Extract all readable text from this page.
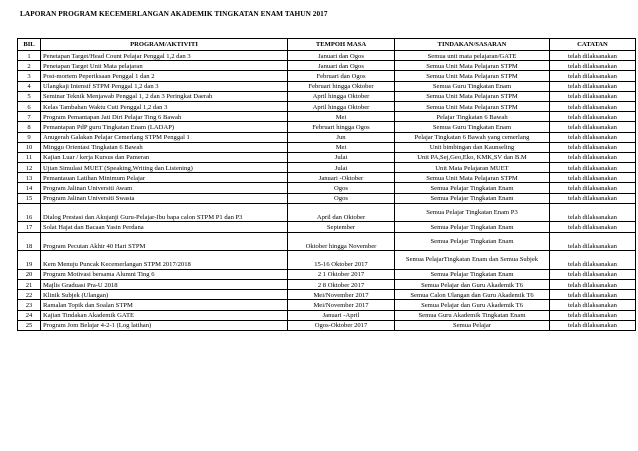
LAPORAN PROGRAM KECEMERLANGAN AKADEMIK TINGKATAN ENAM TAHUN 2017
BIL	PROGRAM/AKTIVITI	TEMPOH MASA	TINDAKAN/SASARAN	CATATAN
1	Penetapan Target/Head Count Pelajar Penggal 1,2 dan 3	Januari dan Ogos	Semua unit mata pelajaran/GATE	telah dilaksanakan
2	Penetapan Target Unit Mata pelajaran	Januari dan Ogos	Semua Unit Mata Pelajaran STPM	telah dilaksanakan
3	Post-mortem Peperiksaan Penggal 1 dan 2	Februari dan Ogos	Semua Unit Mata Pelajaran STPM	telah dilaksanakan
4	Ulangkaji Intensif STPM Penggal 1,2 dan 3	Februari hingga Oktober	Semua Guru Tingkatan Enam	telah dilaksanakan
5	Seminar Teknik Menjawab Penggal 1, 2 dan 3 Peringkat Daerah	April hingga Oktober	Semua Unit Mata Pelajaran STPM	telah dilaksanakan
6	Kelas Tambahan Waktu Cuti Penggal 1,2 dan 3	April hingga Oktober	Semua Unit Mata Pelajaran STPM	telah dilaksanakan
7	Program Pemantapan Jati Diri Pelajar Ting 6 Bawah	Mei	Pelajar Tingkatan 6 Bawah	telah dilaksanakan
8	Pemantapan PdP guru Tingkatan Enam (LADAP)	Februari hingga Ogos	Semua Guru Tingkatan Enam	telah dilaksanakan
9	Anugerah Galakan Pelajar Cemerlang STPM Penggal 1	Jun	Pelajar Tingkatan 6 Bawah yang cemerlang	telah dilaksanakan
10	Minggu Orientasi Tingkatan 6 Bawah	Mei	Unit bimbingan dan Kaunseling	telah dilaksanakan
11	Kajian Luar / kerja Kursus dan Pameran	Julai	Unit PA,Sej,Geo,Eko, KMK,SV dan B.M	telah dilaksanakan
12	Ujian Simulasi MUET (Speaking,Writing dan Listening)	Julai	Unit Mata Pelajaran MUET	telah dilaksanakan
13	Pemantauan Latihan Minimum Pelajar	Januari -Oktober	Semua Unit Mata Pelajaran STPM	telah dilaksanakan
14	Program Jalinan Universiti Awam	Ogos	Semua Pelajar Tingkatan Enam	telah dilaksanakan
15	Program Jalinan Universiti Swasta	Ogos	Semua Pelajar Tingkatan Enam	telah dilaksanakan
16	Dialog Prestasi dan Akujanji Guru-Pelajar-Ibu bapa calon STPM P1 dan P3	April dan Oktober	Semua Pelajar Tingkatan Enam P3	telah dilaksanakan
17	Solat Hajat dan Bacaan Yasin Perdana	September	Semua Pelajar Tingkatan Enam	telah dilaksanakan
18	Program Pecutan Akhir 40 Hari STPM	Oktober hingga November	Semua Pelajar Tingkatan Enam	telah dilaksanakan
19	Kem Menuju Puncak Kecemerlangan STPM 2017/2018	15-16 Oktober 2017	Semua PelajarTingkatan Enam dan Semua Subjek	telah dilaksanakan
20	Program Motivasi bersama Alumni Ting 6	2 1 Oktober 2017	Semua Pelajar Tingkatan Enam	telah dilaksanakan
21	Majlis Graduasi Pra-U 2018	2 8 Oktober 2017	Semua Pelajar dan Guru Akademik T6	telah dilaksanakan
22	Klinik Subjek (Ulangan)	Mei/November 2017	Semua Calon Ulangan dan Guru Akademik T6	telah dilaksanakan
23	Ramalan Topik dan Soalan STPM	Mei/November 2017	Semua Pelajar dan Guru Akademik T6	telah dilaksanakan
24	Kajian Tindakan Akademik GATE	Januari -April	Semua Guru Akademik Tingkatan Enam	telah dilaksanakan
25	Program Jom Belajar 4-2-1 (Log latihan)	Ogos-Oktober 2017	Semua Pelajar	telah dilaksanakan
